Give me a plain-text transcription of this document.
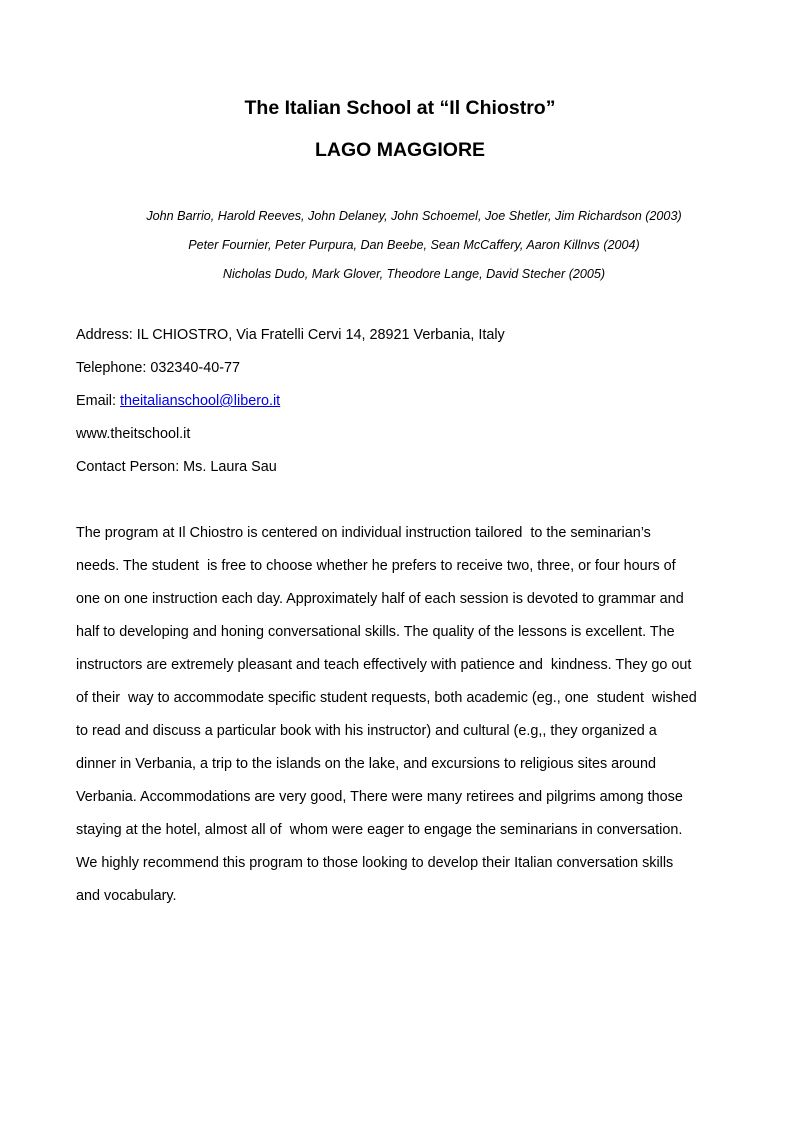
The Italian School at “Il Chiostro”
LAGO MAGGIORE
John Barrio, Harold Reeves, John Delaney, John Schoemel, Joe Shetler, Jim Richardson (2003)
Peter Fournier, Peter Purpura, Dan Beebe, Sean McCaffery, Aaron Killnvs (2004)
Nicholas Dudo, Mark Glover, Theodore Lange, David Stecher (2005)
Address: IL CHIOSTRO, Via Fratelli Cervi 14, 28921 Verbania, Italy
Telephone: 032340-40-77
Email: theitalianschool@libero.it
www.theitschool.it
Contact Person: Ms. Laura Sau
The program at Il Chiostro is centered on individual instruction tailored  to the seminarian’s
needs. The student  is free to choose whether he prefers to receive two, three, or four hours of
one on one instruction each day. Approximately half of each session is devoted to grammar and
half to developing and honing conversational skills. The quality of the lessons is excellent. The
instructors are extremely pleasant and teach effectively with patience and  kindness. They go out
of their  way to accommodate specific student requests, both academic (eg., one  student  wished
to read and discuss a particular book with his instructor) and cultural (e.g,, they organized a
dinner in Verbania, a trip to the islands on the lake, and excursions to religious sites around
Verbania. Accommodations are very good, There were many retirees and pilgrims among those
staying at the hotel, almost all of  whom were eager to engage the seminarians in conversation.
We highly recommend this program to those looking to develop their Italian conversation skills
and vocabulary.
